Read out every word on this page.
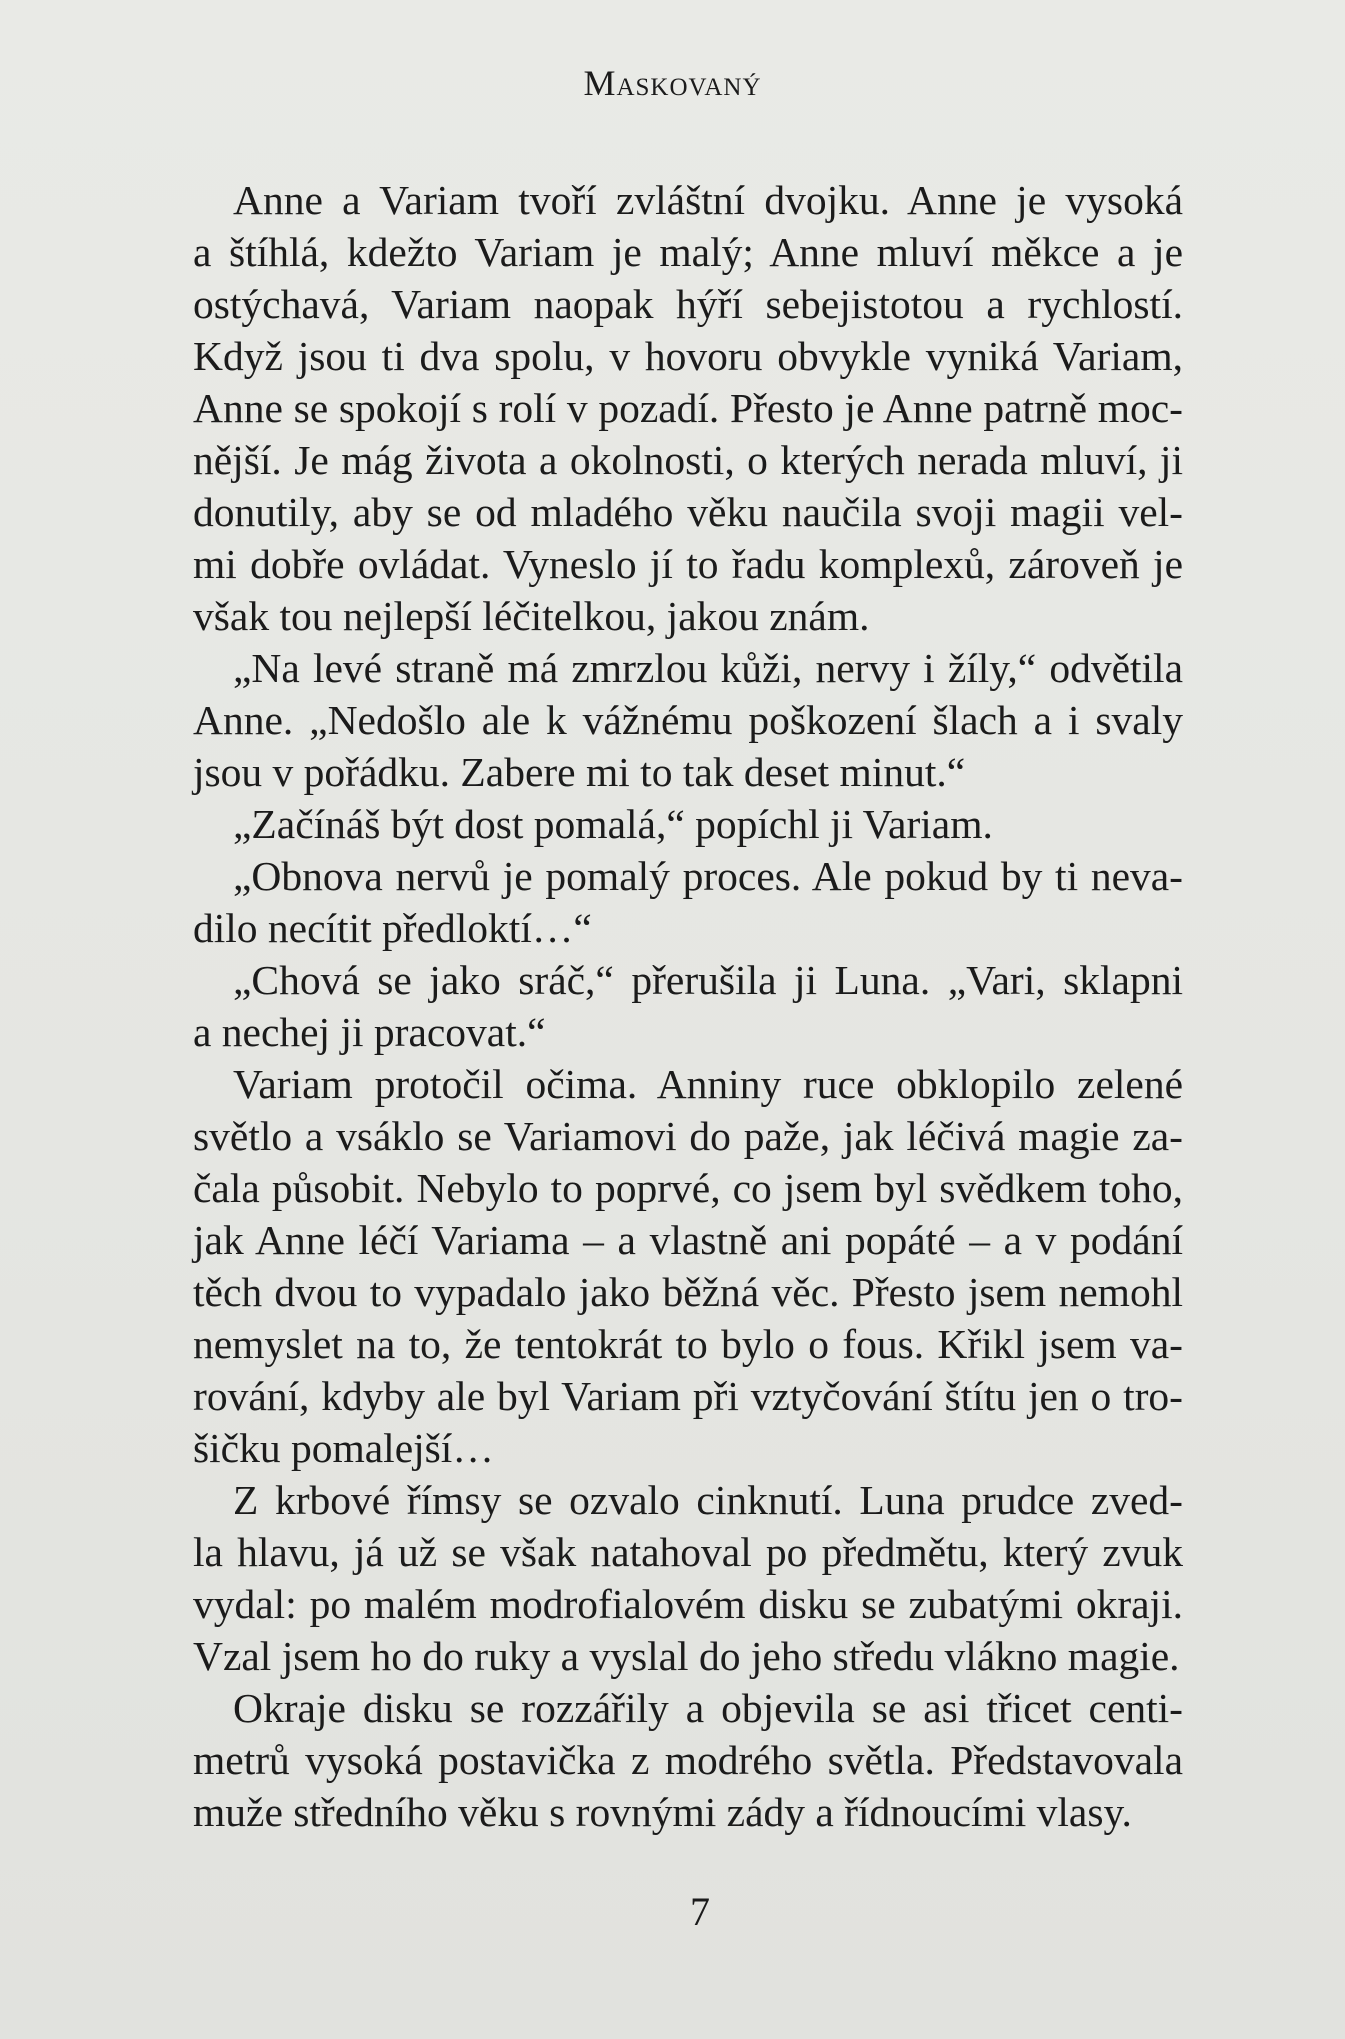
Maskovaný
Anne a Variam tvoří zvláštní dvojku. Anne je vysoká
a štíhlá, kdežto Variam je malý; Anne mluví měkce a je
ostýchavá, Variam naopak hýří sebejistotou a rychlostí.
Když jsou ti dva spolu, v hovoru obvykle vyniká Variam,
Anne se spokojí s rolí v pozadí. Přesto je Anne patrně moc-
nější. Je mág života a okolnosti, o kterých nerada mluví, ji
donutily, aby se od mladého věku naučila svoji magii vel-
mi dobře ovládat. Vyneslo jí to řadu komplexů, zároveň je
však tou nejlepší léčitelkou, jakou znám.
„Na levé straně má zmrzlou kůži, nervy i žíly,“ odvětila
Anne. „Nedošlo ale k vážnému poškození šlach a i svaly
jsou v pořádku. Zabere mi to tak deset minut.“
„Začínáš být dost pomalá,“ popíchl ji Variam.
„Obnova nervů je pomalý proces. Ale pokud by ti neva-
dilo necítit předloktí…“
„Chová se jako sráč,“ přerušila ji Luna. „Vari, sklapni
a nechej ji pracovat.“
Variam protočil očima. Anniny ruce obklopilo zelené
světlo a vsáklo se Variamovi do paže, jak léčivá magie za-
čala působit. Nebylo to poprvé, co jsem byl svědkem toho,
jak Anne léčí Variama – a vlastně ani popáté – a v podání
těch dvou to vypadalo jako běžná věc. Přesto jsem nemohl
nemyslet na to, že tentokrát to bylo o fous. Křikl jsem va-
rování, kdyby ale byl Variam při vztyčování štítu jen o tro-
šičku pomalejší…
Z krbové římsy se ozvalo cinknutí. Luna prudce zved-
la hlavu, já už se však natahoval po předmětu, který zvuk
vydal: po malém modrofialovém disku se zubatými okraji.
Vzal jsem ho do ruky a vyslal do jeho středu vlákno magie.
Okraje disku se rozzářily a objevila se asi třicet centi-
metrů vysoká postavička z modrého světla. Představovala
muže středního věku s rovnými zády a řídnoucími vlasy.
7
